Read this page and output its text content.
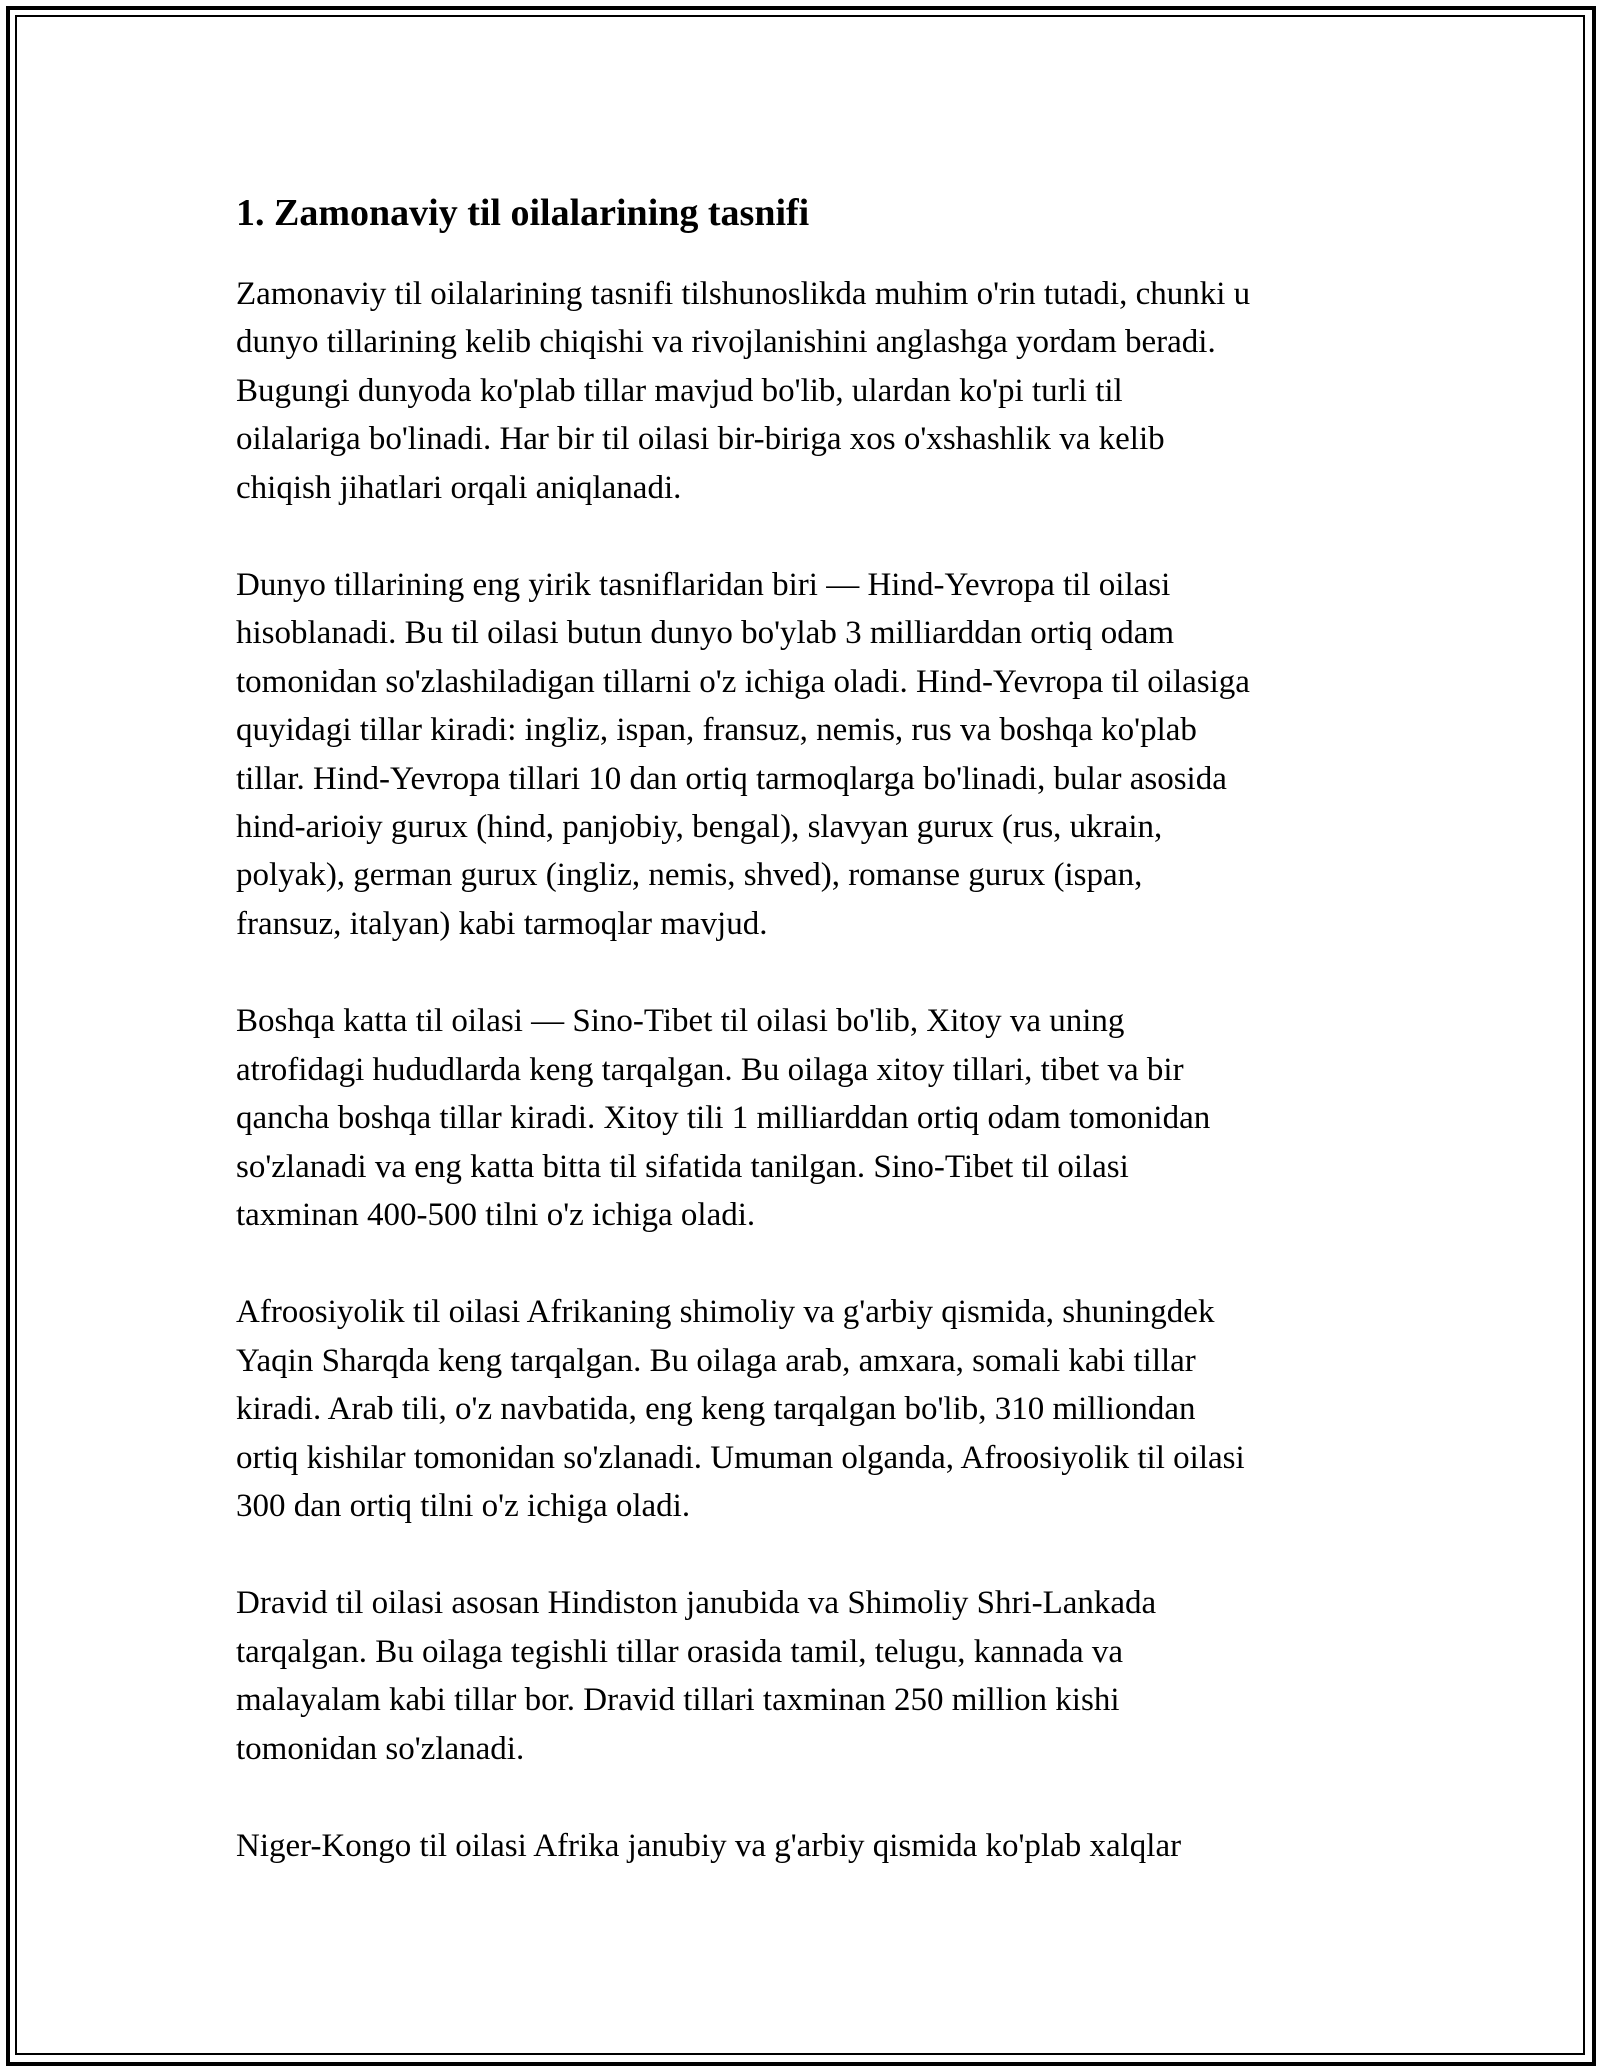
1. Zamonaviy til oilalarining tasnifi

Zamonaviy til oilalarining tasnifi tilshunoslikda muhim o'rin tutadi, chunki u
dunyo tillarining kelib chiqishi va rivojlanishini anglashga yordam beradi.
Bugungi dunyoda ko'plab tillar mavjud bo'lib, ulardan ko'pi turli til
oilalariga bo'linadi. Har bir til oilasi bir-biriga xos o'xshashlik va kelib
chiqish jihatlari orqali aniqlanadi.

Dunyo tillarining eng yirik tasniflaridan biri — Hind-Yevropa til oilasi
hisoblanadi. Bu til oilasi butun dunyo bo'ylab 3 milliarddan ortiq odam
tomonidan so'zlashiladigan tillarni o'z ichiga oladi. Hind-Yevropa til oilasiga
quyidagi tillar kiradi: ingliz, ispan, fransuz, nemis, rus va boshqa ko'plab
tillar. Hind-Yevropa tillari 10 dan ortiq tarmoqlarga bo'linadi, bular asosida
hind-arioiy gurux (hind, panjobiy, bengal), slavyan gurux (rus, ukrain,
polyak), german gurux (ingliz, nemis, shved), romanse gurux (ispan,
fransuz, italyan) kabi tarmoqlar mavjud.

Boshqa katta til oilasi — Sino-Tibet til oilasi bo'lib, Xitoy va uning
atrofidagi hududlarda keng tarqalgan. Bu oilaga xitoy tillari, tibet va bir
qancha boshqa tillar kiradi. Xitoy tili 1 milliarddan ortiq odam tomonidan
so'zlanadi va eng katta bitta til sifatida tanilgan. Sino-Tibet til oilasi
taxminan 400-500 tilni o'z ichiga oladi.

Afroosiyolik til oilasi Afrikaning shimoliy va g'arbiy qismida, shuningdek
Yaqin Sharqda keng tarqalgan. Bu oilaga arab, amxara, somali kabi tillar
kiradi. Arab tili, o'z navbatida, eng keng tarqalgan bo'lib, 310 milliondan
ortiq kishilar tomonidan so'zlanadi. Umuman olganda, Afroosiyolik til oilasi
300 dan ortiq tilni o'z ichiga oladi.

Dravid til oilasi asosan Hindiston janubida va Shimoliy Shri-Lankada
tarqalgan. Bu oilaga tegishli tillar orasida tamil, telugu, kannada va
malayalam kabi tillar bor. Dravid tillari taxminan 250 million kishi
tomonidan so'zlanadi.

Niger-Kongo til oilasi Afrika janubiy va g'arbiy qismida ko'plab xalqlar
